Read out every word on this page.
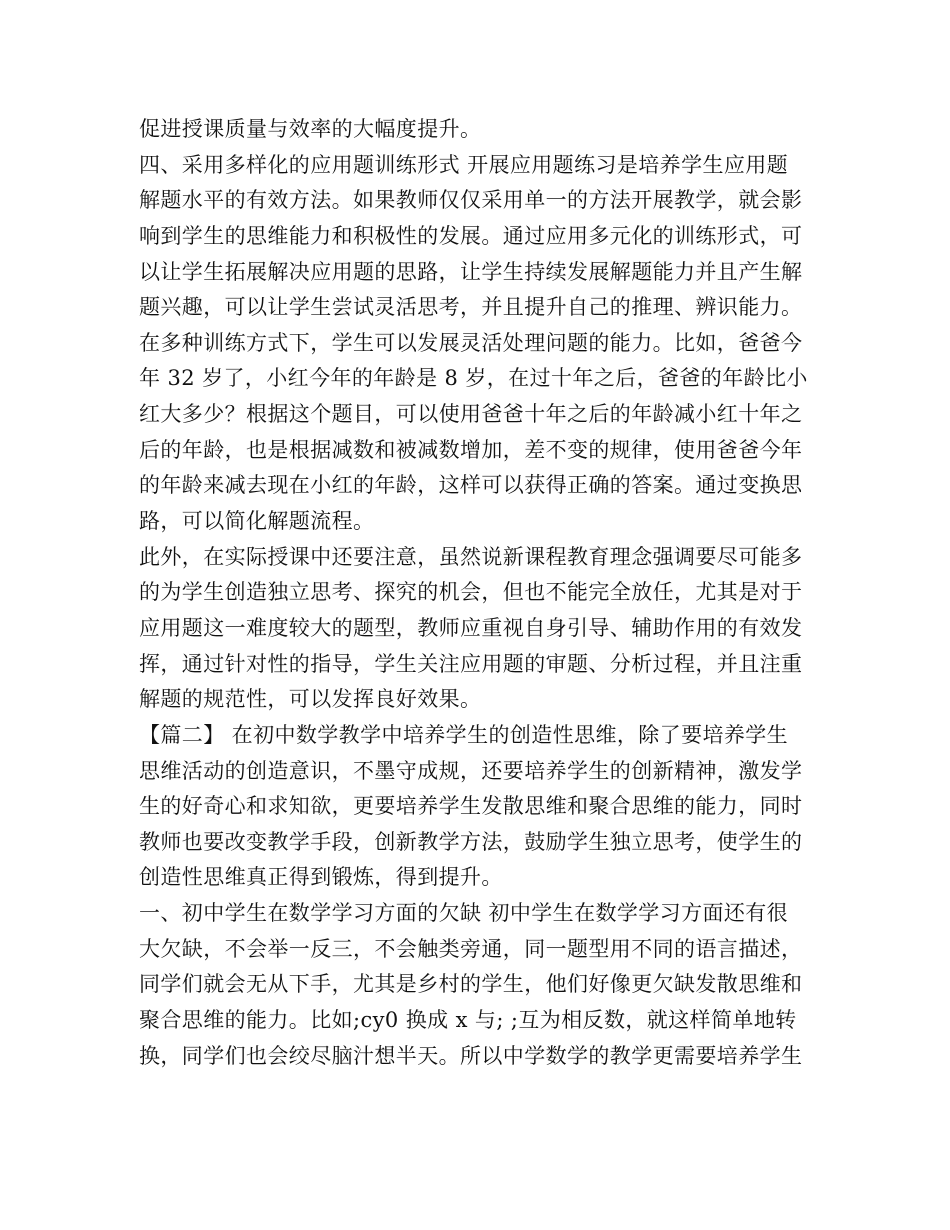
促进授课质量与效率的大幅度提升。
四、采用多样化的应用题训练形式 开展应用题练习是培养学生应用题
解题水平的有效方法。如果教师仅仅采用单一的方法开展教学，就会影
响到学生的思维能力和积极性的发展。通过应用多元化的训练形式，可
以让学生拓展解决应用题的思路，让学生持续发展解题能力并且产生解
题兴趣，可以让学生尝试灵活思考，并且提升自己的推理、辨识能力。
在多种训练方式下，学生可以发展灵活处理问题的能力。比如，爸爸今
年 32 岁了，小红今年的年龄是 8 岁，在过十年之后，爸爸的年龄比小
红大多少？根据这个题目，可以使用爸爸十年之后的年龄减小红十年之
后的年龄，也是根据减数和被减数增加，差不变的规律，使用爸爸今年
的年龄来减去现在小红的年龄，这样可以获得正确的答案。通过变换思
路，可以简化解题流程。
此外，在实际授课中还要注意，虽然说新课程教育理念强调要尽可能多
的为学生创造独立思考、探究的机会，但也不能完全放任，尤其是对于
应用题这一难度较大的题型，教师应重视自身引导、辅助作用的有效发
挥，通过针对性的指导，学生关注应用题的审题、分析过程，并且注重
解题的规范性，可以发挥良好效果。
【篇二】 在初中数学教学中培养学生的创造性思维，除了要培养学生
思维活动的创造意识，不墨守成规，还要培养学生的创新精神，激发学
生的好奇心和求知欲，更要培养学生发散思维和聚合思维的能力，同时
教师也要改变教学手段，创新教学方法，鼓励学生独立思考，使学生的
创造性思维真正得到锻炼，得到提升。
一、初中学生在数学学习方面的欠缺 初中学生在数学学习方面还有很
大欠缺，不会举一反三，不会触类旁通，同一题型用不同的语言描述，
同学们就会无从下手，尤其是乡村的学生，他们好像更欠缺发散思维和
聚合思维的能力。比如;cy0 换成 x 与; ;互为相反数，就这样简单地转
换，同学们也会绞尽脑汁想半天。所以中学数学的教学更需要培养学生
